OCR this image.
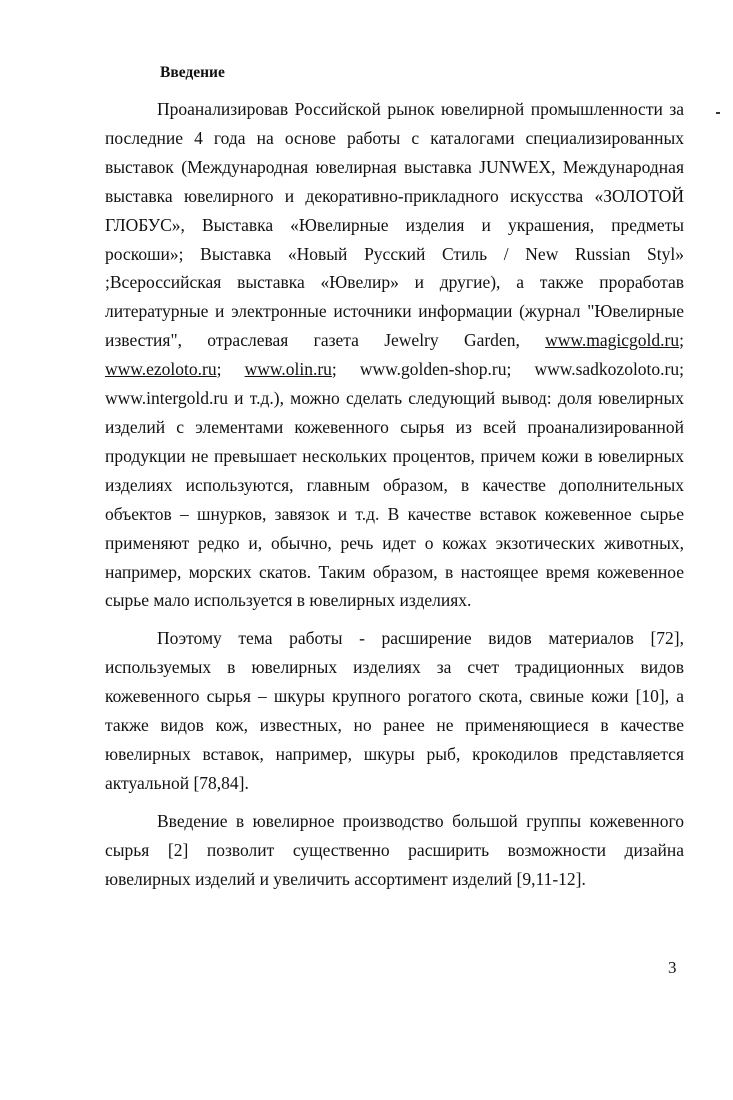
Введение

Проанализировав Российской рынок ювелирной промышленности за последние 4 года на основе работы с каталогами специализированных выставок (Международная ювелирная выставка JUNWEX, Международная выставка ювелирного и декоративно-прикладного искусства «ЗОЛОТОЙ ГЛОБУС», Выставка «Ювелирные изделия и украшения, предметы роскоши»; Выставка «Новый Русский Стиль / New Russian Styl» ;Всероссийская выставка «Ювелир» и другие), а также проработав литературные и электронные источники информации (журнал "Ювелирные известия", отраслевая газета Jewelry Garden, www.magicgold.ru; www.ezoloto.ru; www.olin.ru; www.golden-shop.ru; www.sadkozoloto.ru; www.intergold.ru и т.д.), можно сделать следующий вывод: доля ювелирных изделий с элементами кожевенного сырья из всей проанализированной продукции не превышает нескольких процентов, причем кожи в ювелирных изделиях используются, главным образом, в качестве дополнительных объектов – шнурков, завязок и т.д. В качестве вставок кожевенное сырье применяют редко и, обычно, речь идет о кожах экзотических животных, например, морских скатов. Таким образом, в настоящее время кожевенное сырье мало используется в ювелирных изделиях.

Поэтому тема работы - расширение видов материалов [72], используемых в ювелирных изделиях за счет традиционных видов кожевенного сырья – шкуры крупного рогатого скота, свиные кожи [10], а также видов кож, известных, но ранее не применяющиеся в качестве ювелирных вставок, например, шкуры рыб, крокодилов представляется актуальной [78,84].

Введение в ювелирное производство большой группы кожевенного сырья [2] позволит существенно расширить возможности дизайна ювелирных изделий и увеличить ассортимент изделий [9,11-12].

3
